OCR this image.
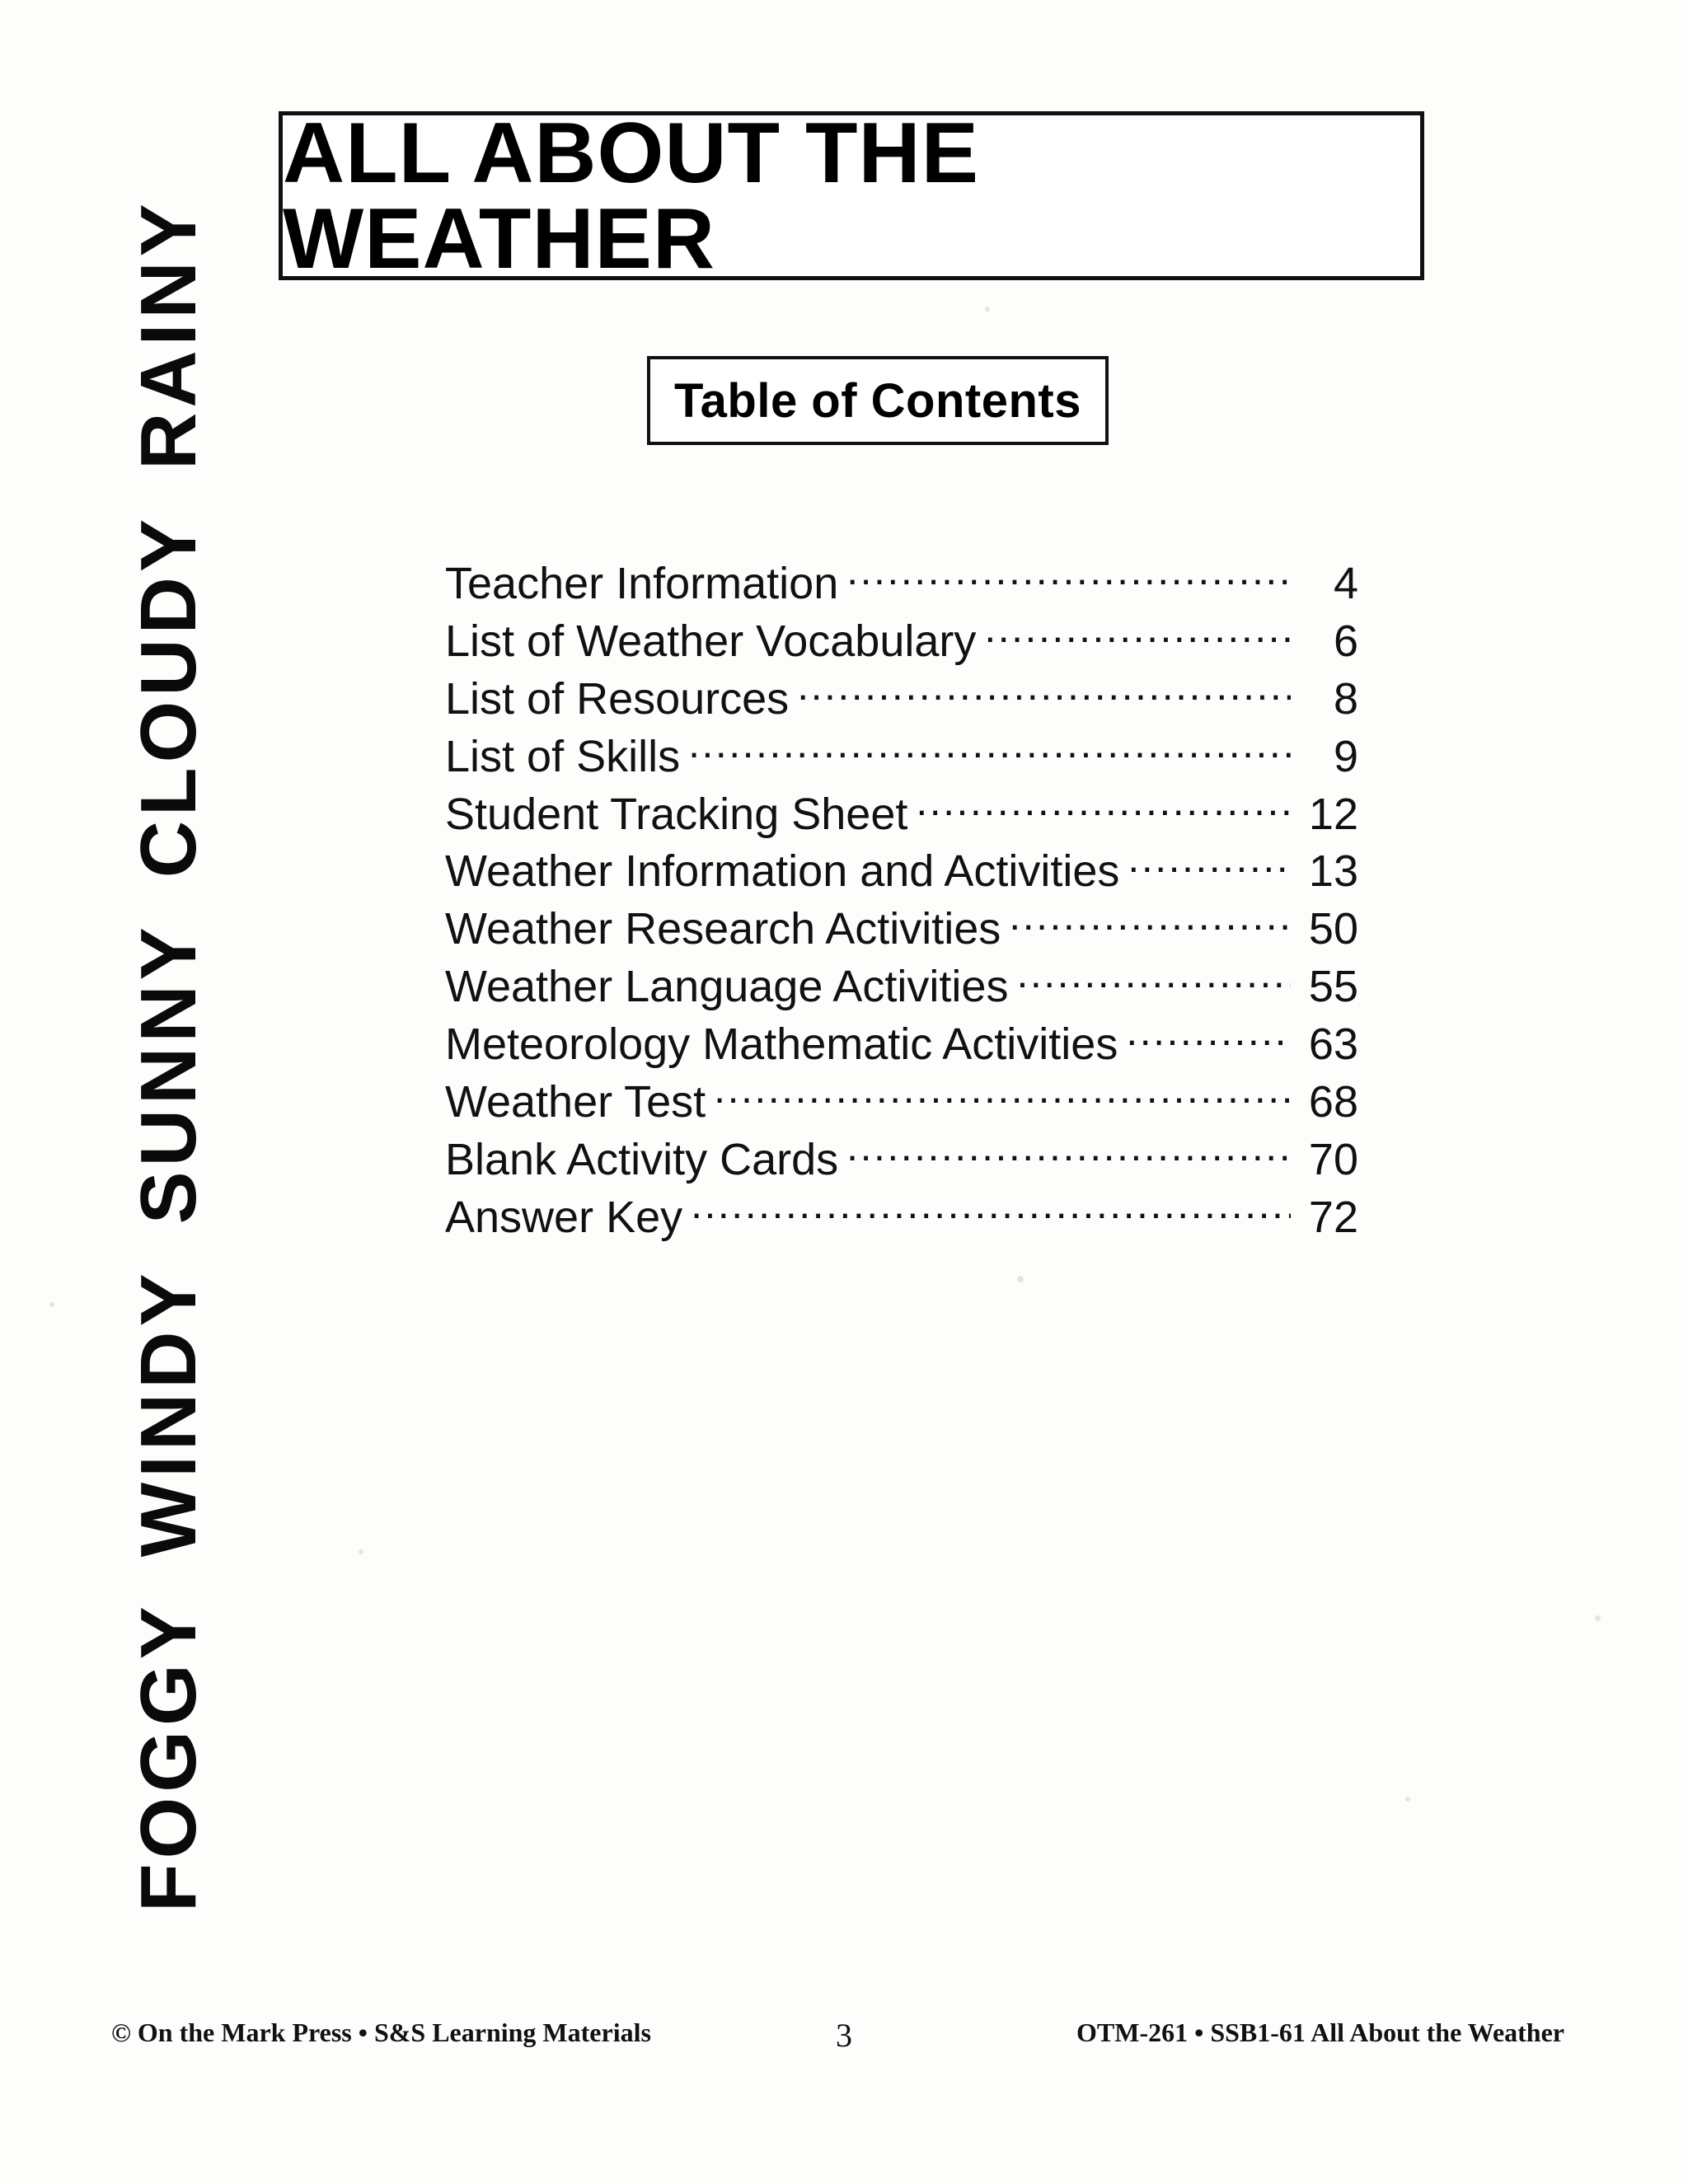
FOGGYWINDYSUNNYCLOUDYRAINY
ALL ABOUT THE WEATHER
Table of Contents
Teacher Information .....	4
List of Weather Vocabulary .....	6
List of Resources .....	8
List of Skills .....	9
Student Tracking Sheet .....	12
Weather Information and Activities .....	13
Weather Research Activities .....	50
Weather Language Activities .....	55
Meteorology Mathematic Activities .....	63
Weather Test .....	68
Blank Activity Cards .....	70
Answer Key .....	72
© On the Mark Press • S&S Learning Materials	3	OTM-261 • SSB1-61 All About the Weather
